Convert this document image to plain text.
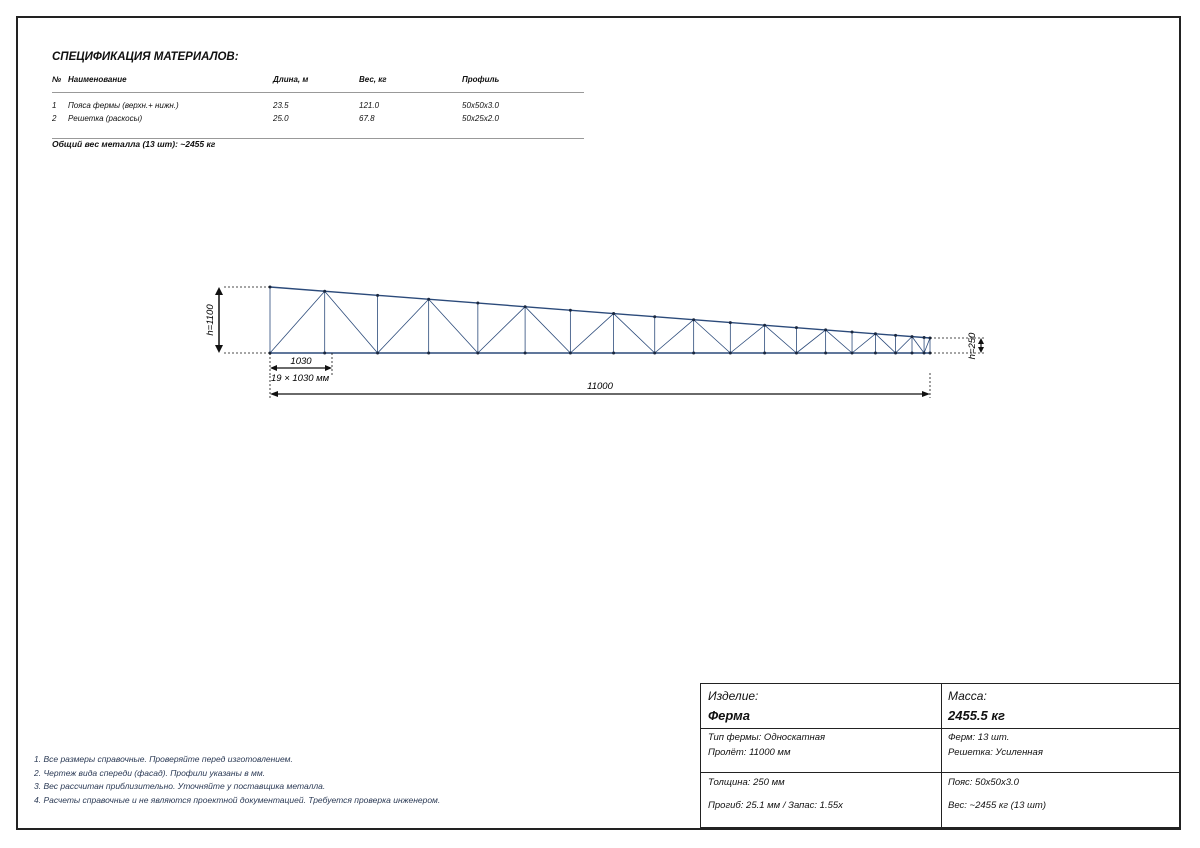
СПЕЦИФИКАЦИЯ МАТЕРИАЛОВ:
№ Наименование	Длина, м	Вес, кг	Профиль
1 Пояса фермы (верхн.+ нижн.)	23.5	121.0	50x50x3.0
2 Решетка (раскосы)	25.0	67.8	50x25x2.0
Общий вес металла (13 шт): ~2455 кг
h=1100
h=250
1030
19 × 1030 мм
11000
1. Все размеры справочные. Проверяйте перед изготовлением.
2. Чертеж вида спереди (фасад). Профили указаны в мм.
3. Вес рассчитан приблизительно. Уточняйте у поставщика металла.
4. Расчеты справочные и не являются проектной документацией. Требуется проверка инженером.
Изделие:
Ферма
Масса:
2455.5 кг
Тип фермы: Односкатная
Пролёт: 11000 мм
Ферм: 13 шт.
Решетка: Усиленная
Толщина: 250 мм
Прогиб: 25.1 мм / Запас: 1.55x
Пояс: 50x50x3.0
Вес: ~2455 кг (13 шт)
